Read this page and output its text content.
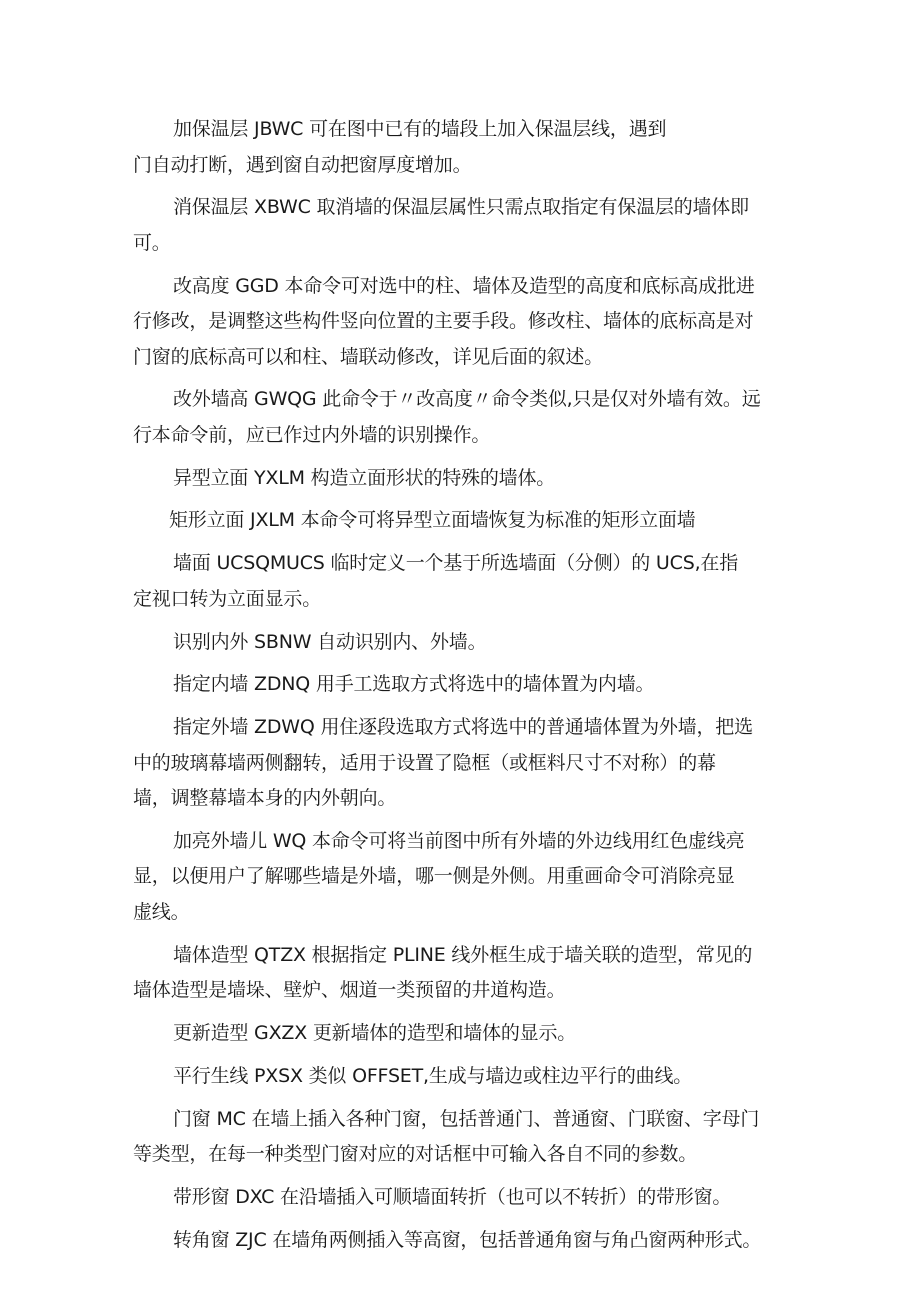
加保温层 JBWC 可在图中已有的墙段上加入保温层线，遇到
门自动打断，遇到窗自动把窗厚度增加。
消保温层 XBWC 取消墙的保温层属性只需点取指定有保温层的墙体即
可。
改高度 GGD 本命令可对选中的柱、墙体及造型的高度和底标高成批进
行修改，是调整这些构件竖向位置的主要手段。修改柱、墙体的底标高是对
门窗的底标高可以和柱、墙联动修改，详见后面的叙述。
改外墙高 GWQG 此命令于〃改高度〃命令类似,只是仅对外墙有效。远
行本命令前，应已作过内外墙的识别操作。
异型立面 YXLM 构造立面形状的特殊的墙体。
矩形立面 JXLM 本命令可将异型立面墙恢复为标准的矩形立面墙
墙面 UCSQMUCS 临时定义一个基于所选墙面（分侧）的 UCS,在指
定视口转为立面显示。
识别内外 SBNW 自动识别内、外墙。
指定内墙 ZDNQ 用手工选取方式将选中的墙体置为内墙。
指定外墙 ZDWQ 用住逐段选取方式将选中的普通墙体置为外墙，把选
中的玻璃幕墙两侧翻转，适用于设置了隐框（或框料尺寸不对称）的幕
墙，调整幕墙本身的内外朝向。
加亮外墙儿 WQ 本命令可将当前图中所有外墙的外边线用红色虚线亮
显，以便用户了解哪些墙是外墙，哪一侧是外侧。用重画命令可消除亮显
虚线。
墙体造型 QTZX 根据指定 PLINE 线外框生成于墙关联的造型，常见的
墙体造型是墙垛、壁炉、烟道一类预留的井道构造。
更新造型 GXZX 更新墙体的造型和墙体的显示。
平行生线 PXSX 类似 OFFSET,生成与墙边或柱边平行的曲线。
门窗 MC 在墙上插入各种门窗，包括普通门、普通窗、门联窗、字母门
等类型，在每一种类型门窗对应的对话框中可输入各自不同的参数。
带形窗 DXC 在沿墙插入可顺墙面转折（也可以不转折）的带形窗。
转角窗 ZJC 在墙角两侧插入等高窗，包括普通角窗与角凸窗两种形式。
